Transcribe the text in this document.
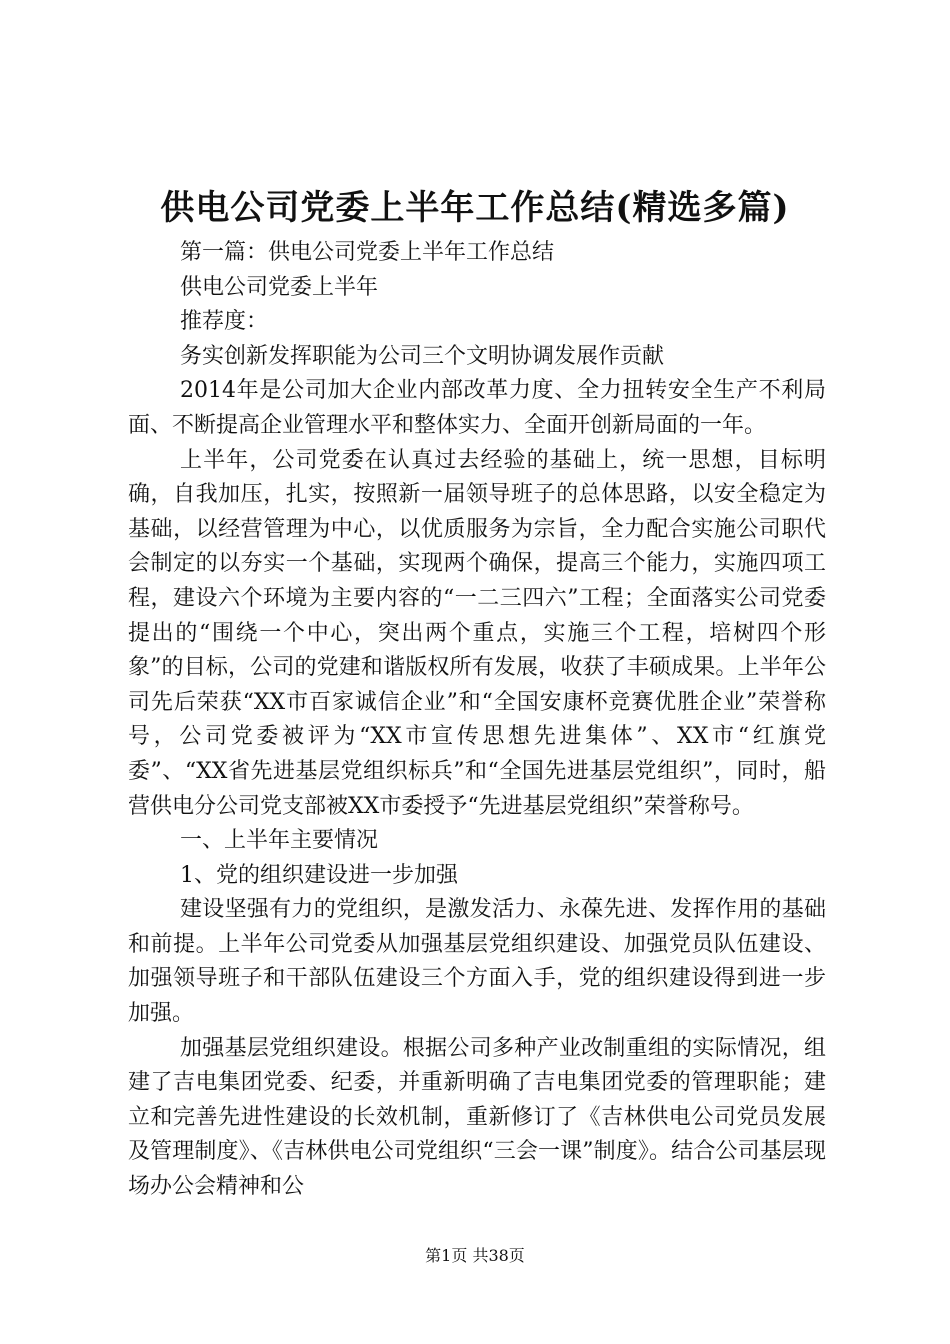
供电公司党委上半年工作总结(精选多篇)

第一篇：供电公司党委上半年工作总结

供电公司党委上半年

推荐度：

务实创新发挥职能为公司三个文明协调发展作贡献

2014年是公司加大企业内部改革力度、全力扭转安全生产不利局面、不断提高企业管理水平和整体实力、全面开创新局面的一年。

上半年，公司党委在认真过去经验的基础上，统一思想，目标明确，自我加压，扎实，按照新一届领导班子的总体思路，以安全稳定为基础，以经营管理为中心，以优质服务为宗旨，全力配合实施公司职代会制定的以夯实一个基础，实现两个确保，提高三个能力，实施四项工程，建设六个环境为主要内容的“一二三四六”工程；全面落实公司党委提出的“围绕一个中心，突出两个重点，实施三个工程，培树四个形象”的目标，公司的党建和谐版权所有发展，收获了丰硕成果。上半年公司先后荣获“XX市百家诚信企业”和“全国安康杯竞赛优胜企业”荣誉称号，公司党委被评为“XX市宣传思想先进集体”、XX市“红旗党委”、“XX省先进基层党组织标兵”和“全国先进基层党组织”，同时，船营供电分公司党支部被XX市委授予“先进基层党组织”荣誉称号。

一、上半年主要情况

1、党的组织建设进一步加强

建设坚强有力的党组织，是激发活力、永葆先进、发挥作用的基础和前提。上半年公司党委从加强基层党组织建设、加强党员队伍建设、加强领导班子和干部队伍建设三个方面入手，党的组织建设得到进一步加强。

加强基层党组织建设。根据公司多种产业改制重组的实际情况，组建了吉电集团党委、纪委，并重新明确了吉电集团党委的管理职能；建立和完善先进性建设的长效机制，重新修订了《吉林供电公司党员发展及管理制度》、《吉林供电公司党组织“三会一课”制度》。结合公司基层现场办公会精神和公

第1页 共38页
